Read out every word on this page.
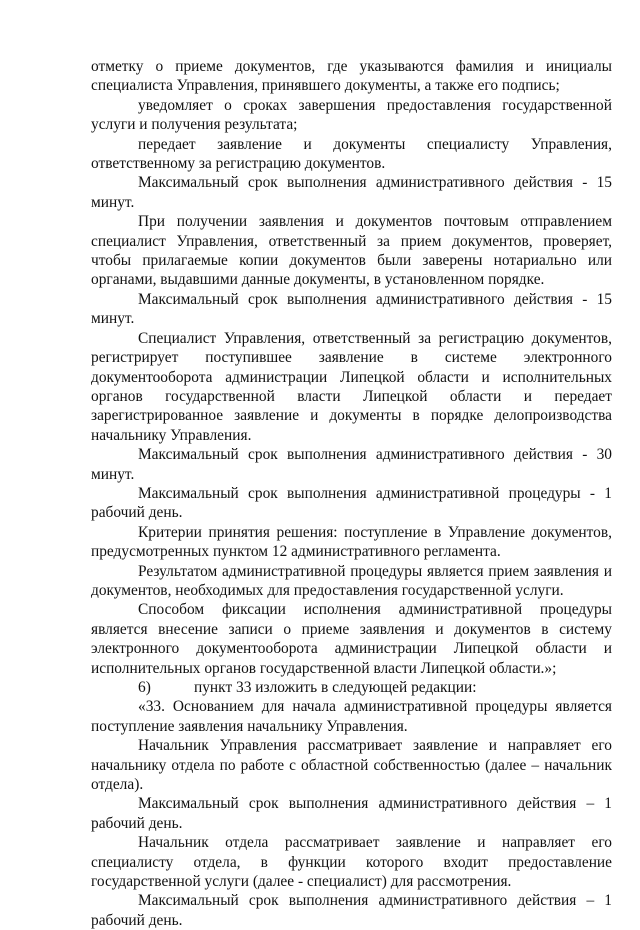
отметку о приеме документов, где указываются фамилия и инициалы специалиста Управления, принявшего документы, а также его подпись;

уведомляет о сроках завершения предоставления государственной услуги и получения результата;

передает заявление и документы специалисту Управления, ответственному за регистрацию документов.

Максимальный срок выполнения административного действия - 15 минут.

При получении заявления и документов почтовым отправлением специалист Управления, ответственный за прием документов, проверяет, чтобы прилагаемые копии документов были заверены нотариально или органами, выдавшими данные документы, в установленном порядке.

Максимальный срок выполнения административного действия - 15 минут.

Специалист Управления, ответственный за регистрацию документов, регистрирует поступившее заявление в системе электронного документооборота администрации Липецкой области и исполнительных органов государственной власти Липецкой области и передает зарегистрированное заявление и документы в порядке делопроизводства начальнику Управления.

Максимальный срок выполнения административного действия - 30 минут.

Максимальный срок выполнения административной процедуры - 1 рабочий день.

Критерии принятия решения: поступление в Управление документов, предусмотренных пунктом 12 административного регламента.

Результатом административной процедуры является прием заявления и документов, необходимых для предоставления государственной услуги.

Способом фиксации исполнения административной процедуры является внесение записи о приеме заявления и документов в систему электронного документооборота администрации Липецкой области и исполнительных органов государственной власти Липецкой области.»;

6)	пункт 33 изложить в следующей редакции:

«33. Основанием для начала административной процедуры является поступление заявления начальнику Управления.

Начальник Управления рассматривает заявление и направляет его начальнику отдела по работе с областной собственностью (далее – начальник отдела).

Максимальный срок выполнения административного действия – 1 рабочий день.

Начальник отдела рассматривает заявление и направляет его специалисту отдела, в функции которого входит предоставление государственной услуги (далее - специалист) для рассмотрения.

Максимальный срок выполнения административного действия – 1 рабочий день.
